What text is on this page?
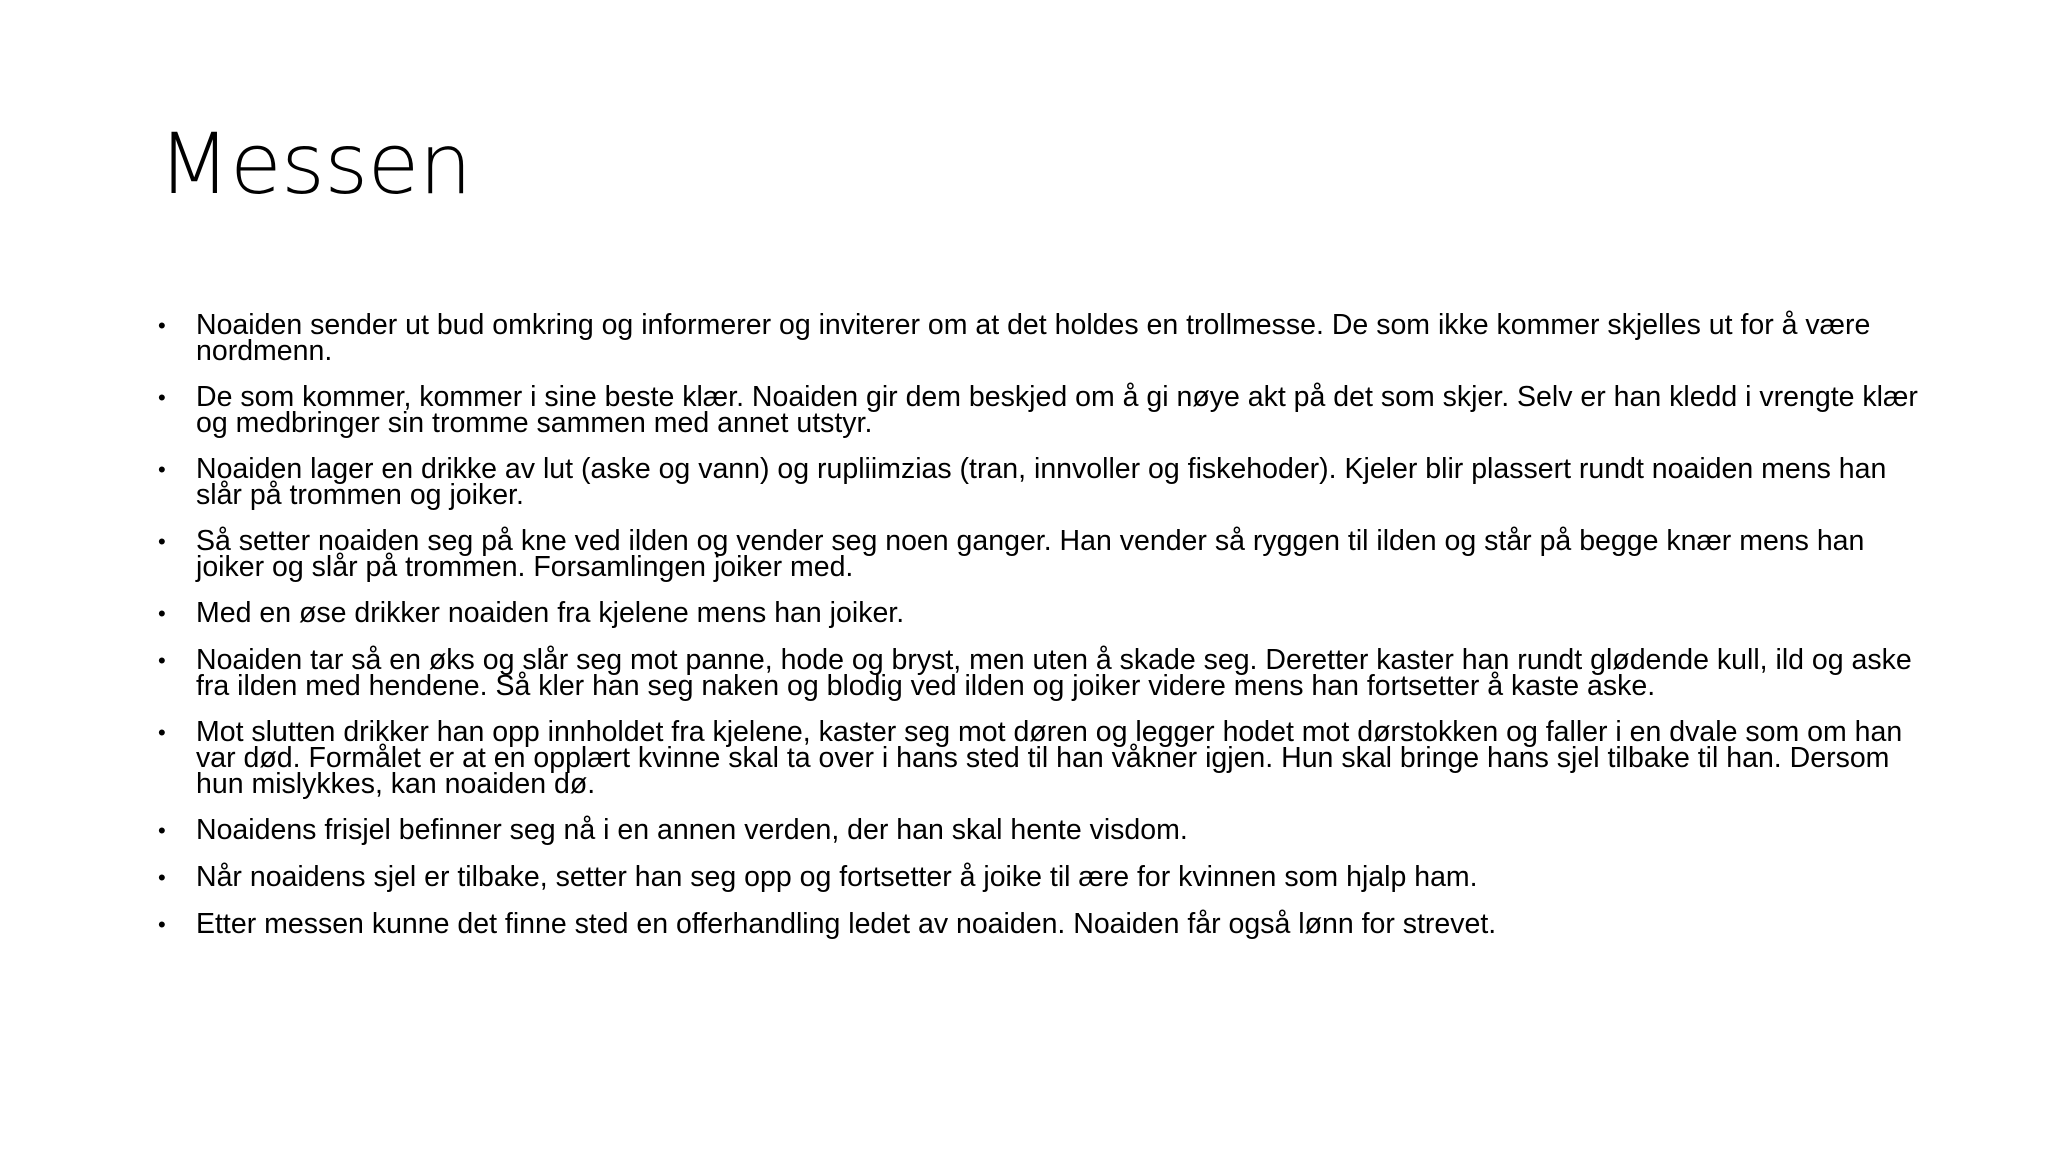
Messen
•	Noaiden sender ut bud omkring og informerer og inviterer om at det holdes en trollmesse. De som ikke kommer skjelles ut for å være nordmenn.
•	De som kommer, kommer i sine beste klær. Noaiden gir dem beskjed om å gi nøye akt på det som skjer. Selv er han kledd i vrengte klær og medbringer sin tromme sammen med annet utstyr.
•	Noaiden lager en drikke av lut (aske og vann) og rupliimzias (tran, innvoller og fiskehoder). Kjeler blir plassert rundt noaiden mens han slår på trommen og joiker.
•	Så setter noaiden seg på kne ved ilden og vender seg noen ganger. Han vender så ryggen til ilden og står på begge knær mens han joiker og slår på trommen. Forsamlingen joiker med.
•	Med en øse drikker noaiden fra kjelene mens han joiker.
•	Noaiden tar så en øks og slår seg mot panne, hode og bryst, men uten å skade seg. Deretter kaster han rundt glødende kull, ild og aske fra ilden med hendene. Så kler han seg naken og blodig ved ilden og joiker videre mens han fortsetter å kaste aske.
•	Mot slutten drikker han opp innholdet fra kjelene, kaster seg mot døren og legger hodet mot dørstokken og faller i en dvale som om han var død. Formålet er at en opplært kvinne skal ta over i hans sted til han våkner igjen. Hun skal bringe hans sjel tilbake til han. Dersom hun mislykkes, kan noaiden dø.
•	Noaidens frisjel befinner seg nå i en annen verden, der han skal hente visdom.
•	Når noaidens sjel er tilbake, setter han seg opp og fortsetter å joike til ære for kvinnen som hjalp ham.
•	Etter messen kunne det finne sted en offerhandling ledet av noaiden. Noaiden får også lønn for strevet.
